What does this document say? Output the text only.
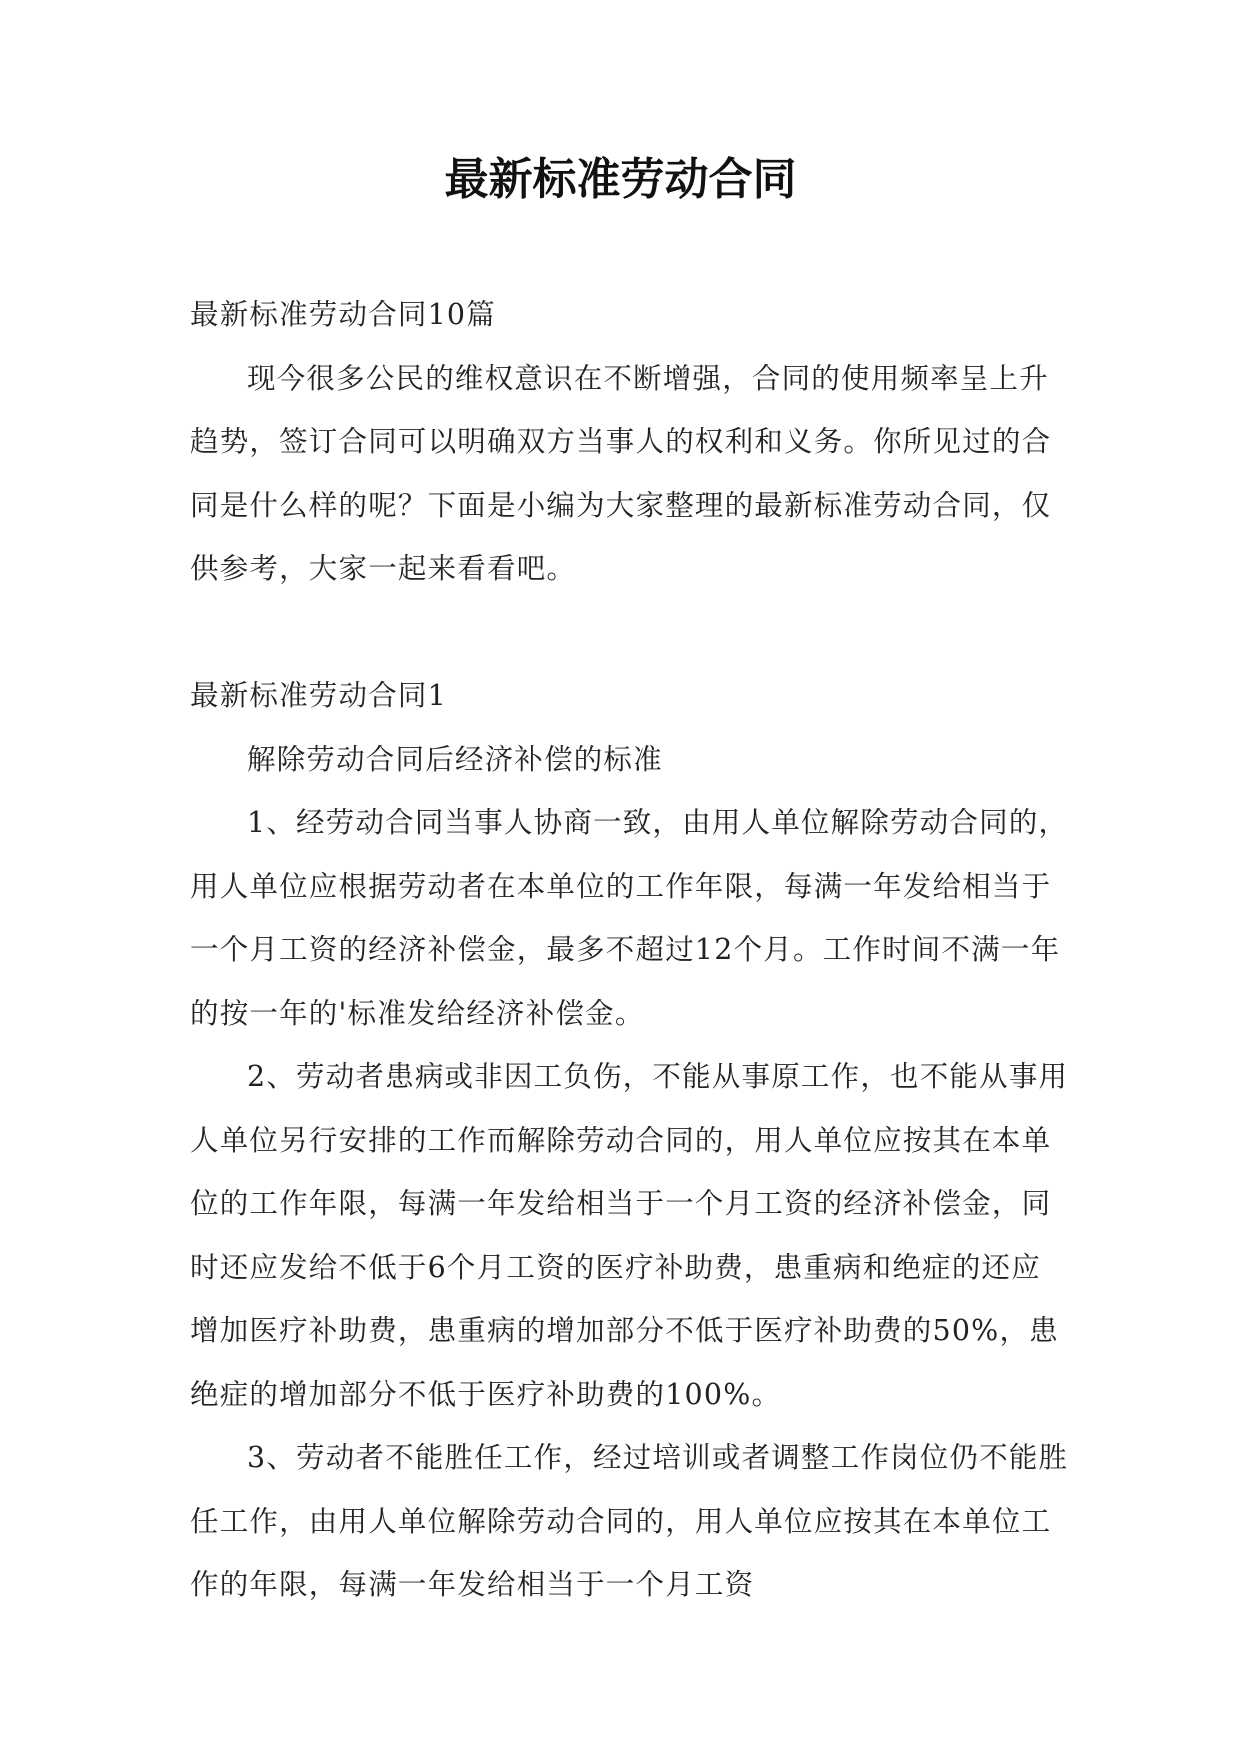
最新标准劳动合同

最新标准劳动合同10篇

现今很多公民的维权意识在不断增强，合同的使用频率呈上升趋势，签订合同可以明确双方当事人的权利和义务。你所见过的合同是什么样的呢？下面是小编为大家整理的最新标准劳动合同，仅供参考，大家一起来看看吧。

最新标准劳动合同1

解除劳动合同后经济补偿的标准

1、经劳动合同当事人协商一致，由用人单位解除劳动合同的，用人单位应根据劳动者在本单位的工作年限，每满一年发给相当于一个月工资的经济补偿金，最多不超过12个月。工作时间不满一年的按一年的'标准发给经济补偿金。

2、劳动者患病或非因工负伤，不能从事原工作，也不能从事用人单位另行安排的工作而解除劳动合同的，用人单位应按其在本单位的工作年限，每满一年发给相当于一个月工资的经济补偿金，同时还应发给不低于6个月工资的医疗补助费，患重病和绝症的还应增加医疗补助费，患重病的增加部分不低于医疗补助费的50%，患绝症的增加部分不低于医疗补助费的100%。

3、劳动者不能胜任工作，经过培训或者调整工作岗位仍不能胜任工作，由用人单位解除劳动合同的，用人单位应按其在本单位工作的年限，每满一年发给相当于一个月工资
